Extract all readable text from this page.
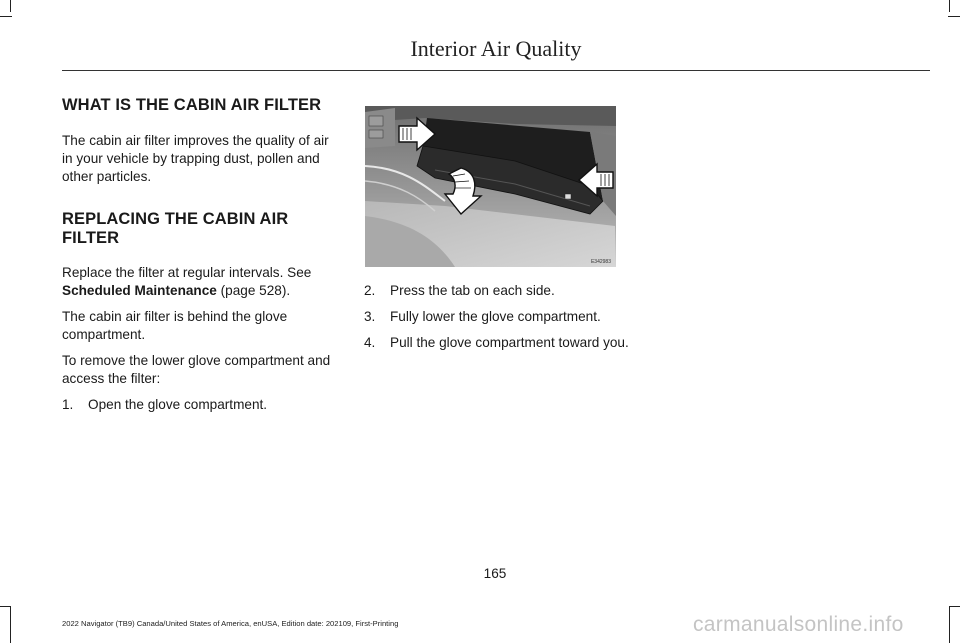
Interior Air Quality
WHAT IS THE CABIN AIR FILTER

The cabin air filter improves the quality of air in your vehicle by trapping dust, pollen and other particles.

REPLACING THE CABIN AIR FILTER

Replace the filter at regular intervals. See Scheduled Maintenance (page 528).

The cabin air filter is behind the glove compartment.

To remove the lower glove compartment and access the filter:

1. Open the glove compartment.
E342983
2. Press the tab on each side.
3. Fully lower the glove compartment.
4. Pull the glove compartment toward you.
165
2022 Navigator (TB9) Canada/United States of America, enUSA, Edition date: 202109, First-Printing	carmanualsonline.info
